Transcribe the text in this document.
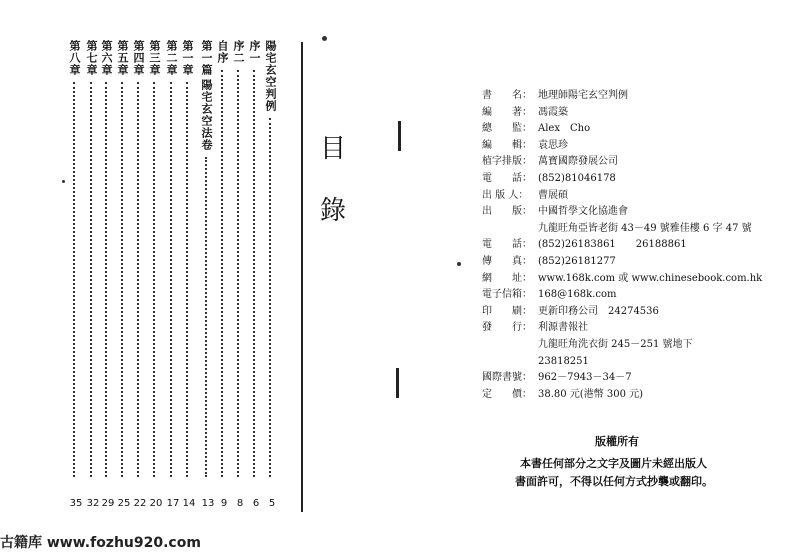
陽宅玄空判例
5
序一
6
序二
8
自序
9
第一篇
陽宅玄空法卷
13
第一章
14
第二章
17
第三章
20
第四章
22
第五章
25
第六章
29
第七章
32
第八章
35
目
錄
書　　名： 地理師陽宅玄空判例
編　　著： 馮霞築
總　　監： Alex　Cho
編　　輯： 袁思珍
植字排版： 萬寶國際發展公司
電　　話： (852)81046178
出 版 人： 曹展碩
出　　版： 中國哲學文化協進會
九龍旺角亞皆老街 43－49 號雅佳樓 6 字 47 號
電　　話： (852)26183861　　26188861
傳　　真： (852)26181277
網　　址： www.168k.com 或 www.chinesebook.com.hk
電子信箱： 168@168k.com
印　　刷： 更新印務公司　24274536
發　　行： 利源書報社
九龍旺角洗衣街 245－251 號地下
23818251
國際書號： 962－7943－34－7
定　　價： 38.80 元(港幣 300 元)
版權所有
本書任何部分之文字及圖片未經出版人
書面許可，不得以任何方式抄襲或翻印。
古籍库 www.fozhu920.com
